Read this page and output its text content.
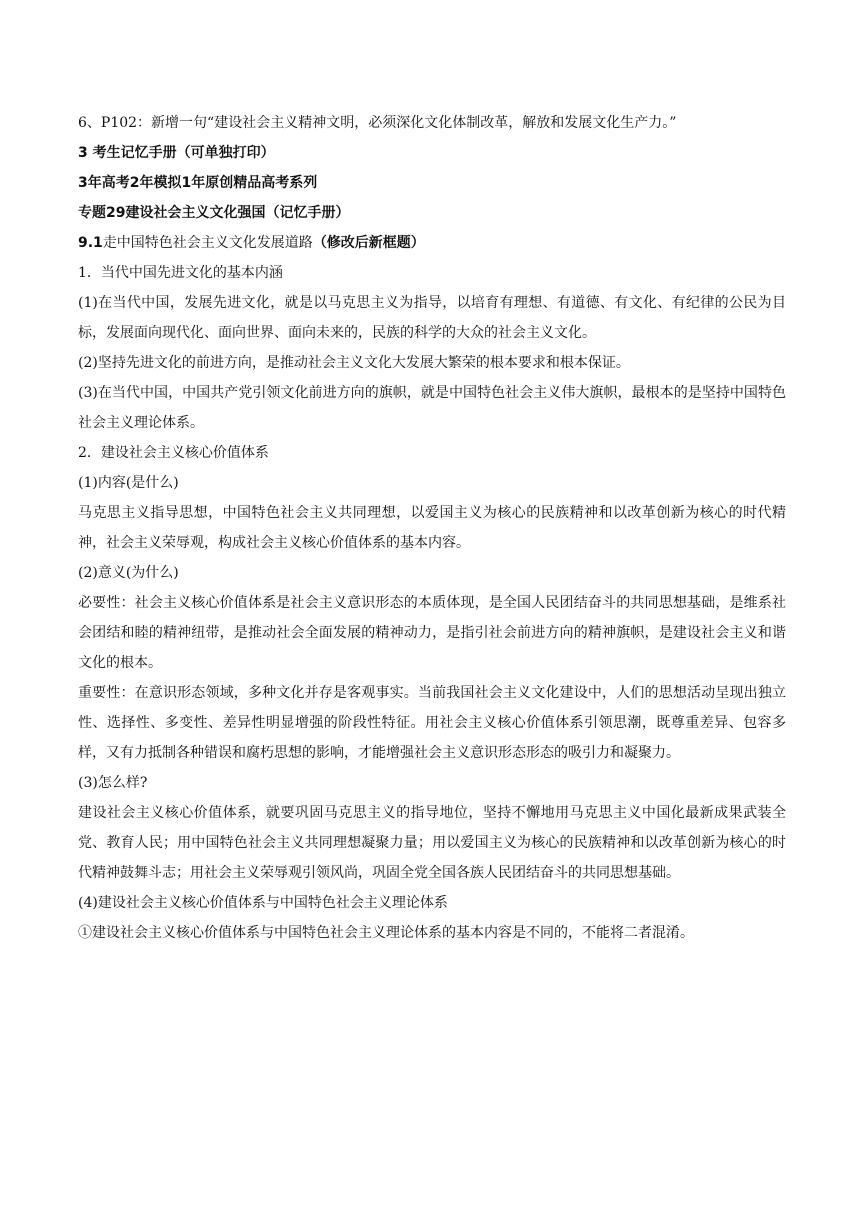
6、P102：新增一句“建设社会主义精神文明，必须深化文化体制改革，解放和发展文化生产力。”

3 考生记忆手册（可单独打印）

3年高考2年模拟1年原创精品高考系列

专题29建设社会主义文化强国（记忆手册）

9.1走中国特色社会主义文化发展道路（修改后新框题）

1．当代中国先进文化的基本内涵

(1)在当代中国，发展先进文化，就是以马克思主义为指导，以培育有理想、有道德、有文化、有纪律的公民为目标，发展面向现代化、面向世界、面向未来的，民族的科学的大众的社会主义文化。

(2)坚持先进文化的前进方向，是推动社会主义文化大发展大繁荣的根本要求和根本保证。

(3)在当代中国，中国共产党引领文化前进方向的旗帜，就是中国特色社会主义伟大旗帜，最根本的是坚持中国特色社会主义理论体系。

2．建设社会主义核心价值体系

(1)内容(是什么)

马克思主义指导思想，中国特色社会主义共同理想，以爱国主义为核心的民族精神和以改革创新为核心的时代精神，社会主义荣辱观，构成社会主义核心价值体系的基本内容。

(2)意义(为什么)

必要性：社会主义核心价值体系是社会主义意识形态的本质体现，是全国人民团结奋斗的共同思想基础，是维系社会团结和睦的精神纽带，是推动社会全面发展的精神动力，是指引社会前进方向的精神旗帜，是建设社会主义和谐文化的根本。

重要性：在意识形态领域，多种文化并存是客观事实。当前我国社会主义文化建设中，人们的思想活动呈现出独立性、选择性、多变性、差异性明显增强的阶段性特征。用社会主义核心价值体系引领思潮，既尊重差异、包容多样，又有力抵制各种错误和腐朽思想的影响，才能增强社会主义意识形态形态的吸引力和凝聚力。

(3)怎么样?

建设社会主义核心价值体系，就要巩固马克思主义的指导地位，坚持不懈地用马克思主义中国化最新成果武装全党、教育人民；用中国特色社会主义共同理想凝聚力量；用以爱国主义为核心的民族精神和以改革创新为核心的时代精神鼓舞斗志；用社会主义荣辱观引领风尚，巩固全党全国各族人民团结奋斗的共同思想基础。

(4)建设社会主义核心价值体系与中国特色社会主义理论体系

①建设社会主义核心价值体系与中国特色社会主义理论体系的基本内容是不同的，不能将二者混淆。
